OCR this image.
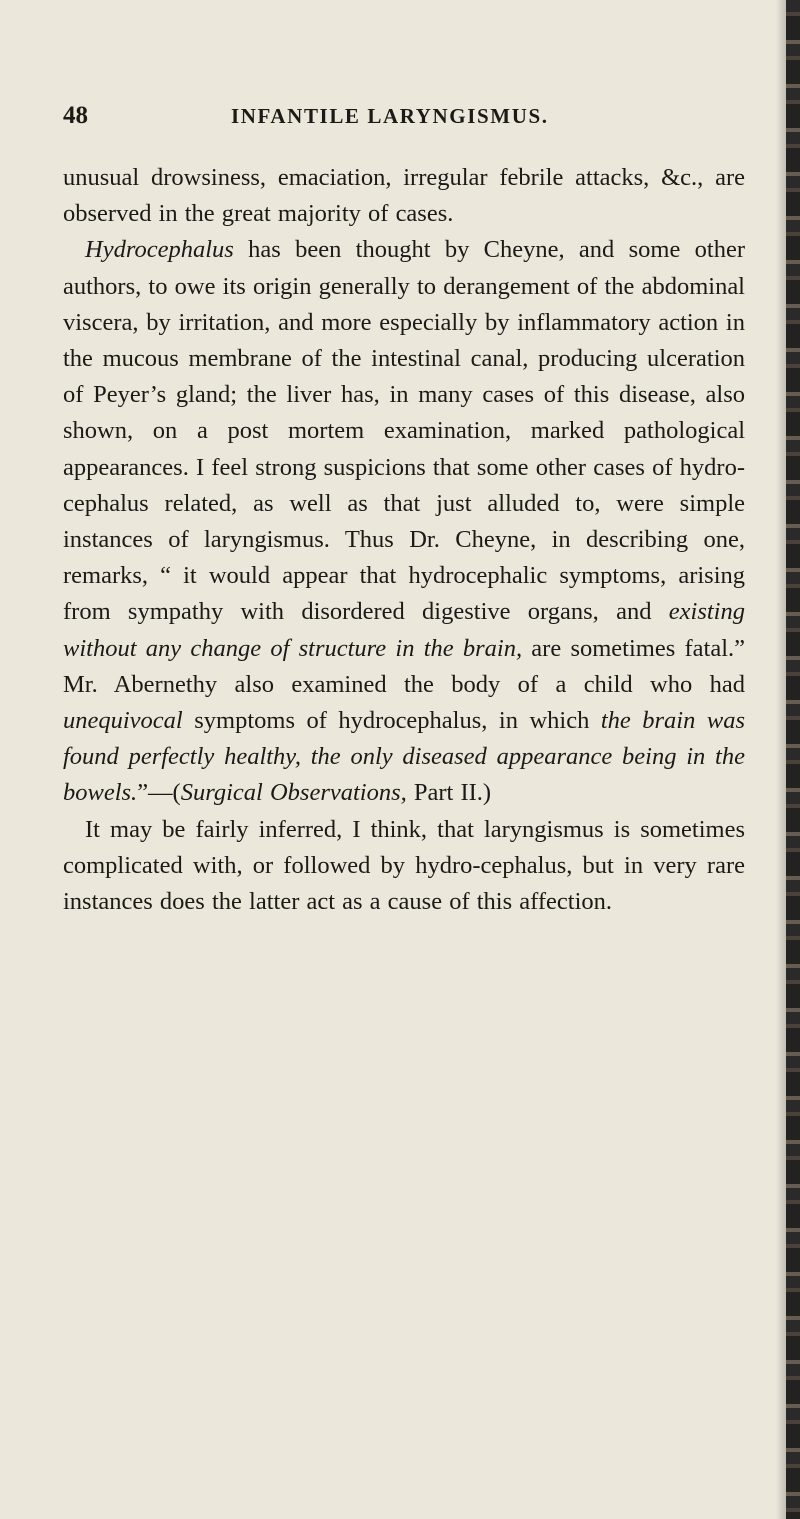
48	INFANTILE LARYNGISMUS.

unusual drowsiness, emaciation, irregular febrile attacks, &c., are observed in the great majority of cases.

Hydrocephalus has been thought by Cheyne, and some other authors, to owe its origin generally to derangement of the abdominal viscera, by irritation, and more especially by inflammatory action in the mucous membrane of the intestinal canal, producing ulceration of Peyer’s gland; the liver has, in many cases of this disease, also shown, on a post mortem examination, marked pathological appearances. I feel strong suspicions that some other cases of hydro-cephalus related, as well as that just alluded to, were simple instances of laryngismus. Thus Dr. Cheyne, in describing one, remarks, “ it would appear that hydrocephalic symptoms, arising from sympathy with disordered digestive organs, and existing without any change of structure in the brain, are sometimes fatal.” Mr. Abernethy also examined the body of a child who had unequivocal symptoms of hydrocephalus, in which the brain was found perfectly healthy, the only diseased appearance being in the bowels.”—(Surgical Observations, Part II.)

It may be fairly inferred, I think, that laryngismus is sometimes complicated with, or followed by hydro-cephalus, but in very rare instances does the latter act as a cause of this affection.
